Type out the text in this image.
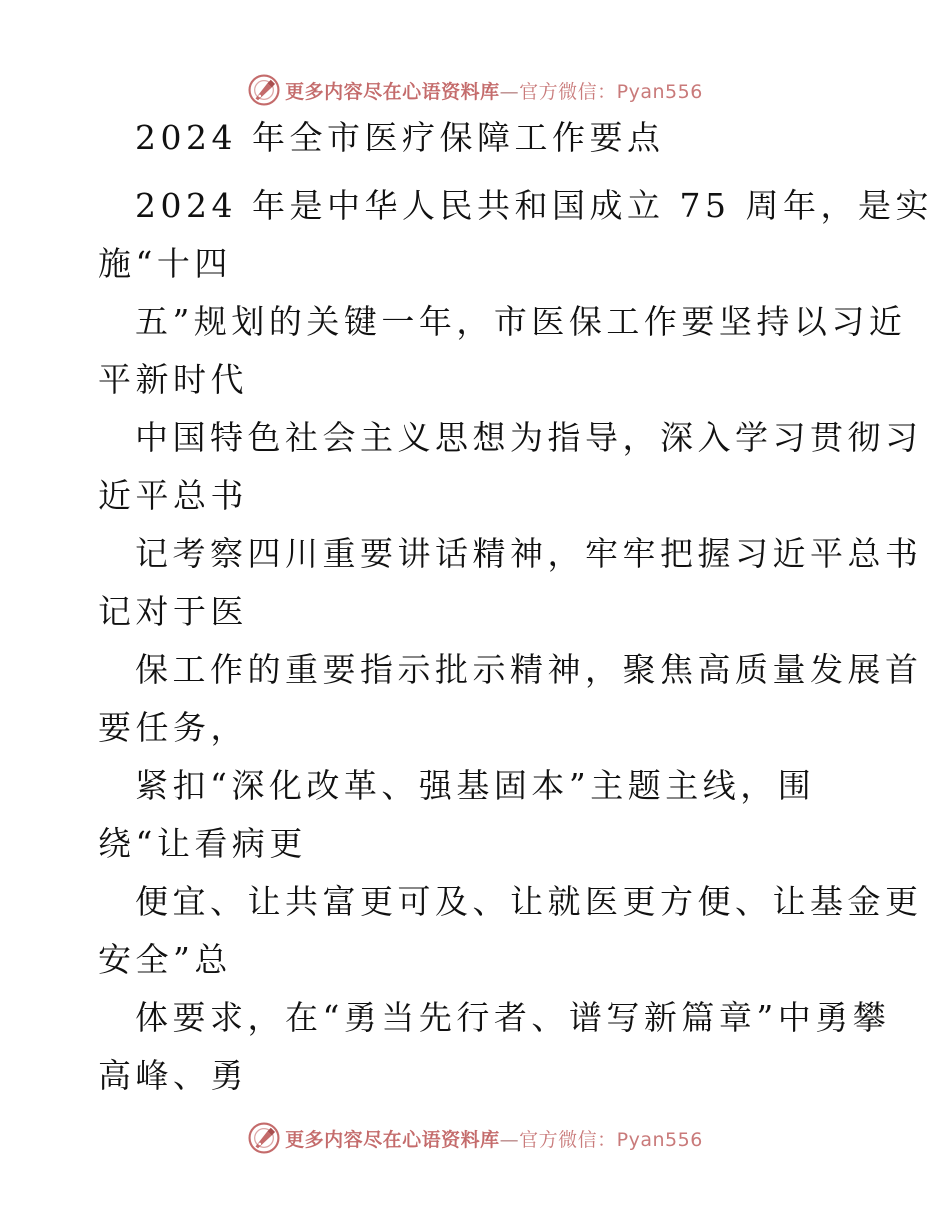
更多内容尽在心语资料库—官方微信：Pyan556
2024 年全市医疗保障工作要点
2024 年是中华人民共和国成立 75 周年，是实
施“十四
五”规划的关键一年，市医保工作要坚持以习近
平新时代
中国特色社会主义思想为指导，深入学习贯彻习
近平总书
记考察四川重要讲话精神，牢牢把握习近平总书
记对于医
保工作的重要指示批示精神，聚焦高质量发展首
要任务，
紧扣“深化改革、强基固本”主题主线，围
绕“让看病更
便宜、让共富更可及、让就医更方便、让基金更
安全”总
体要求，在“勇当先行者、谱写新篇章”中勇攀
高峰、勇
更多内容尽在心语资料库—官方微信：Pyan556
